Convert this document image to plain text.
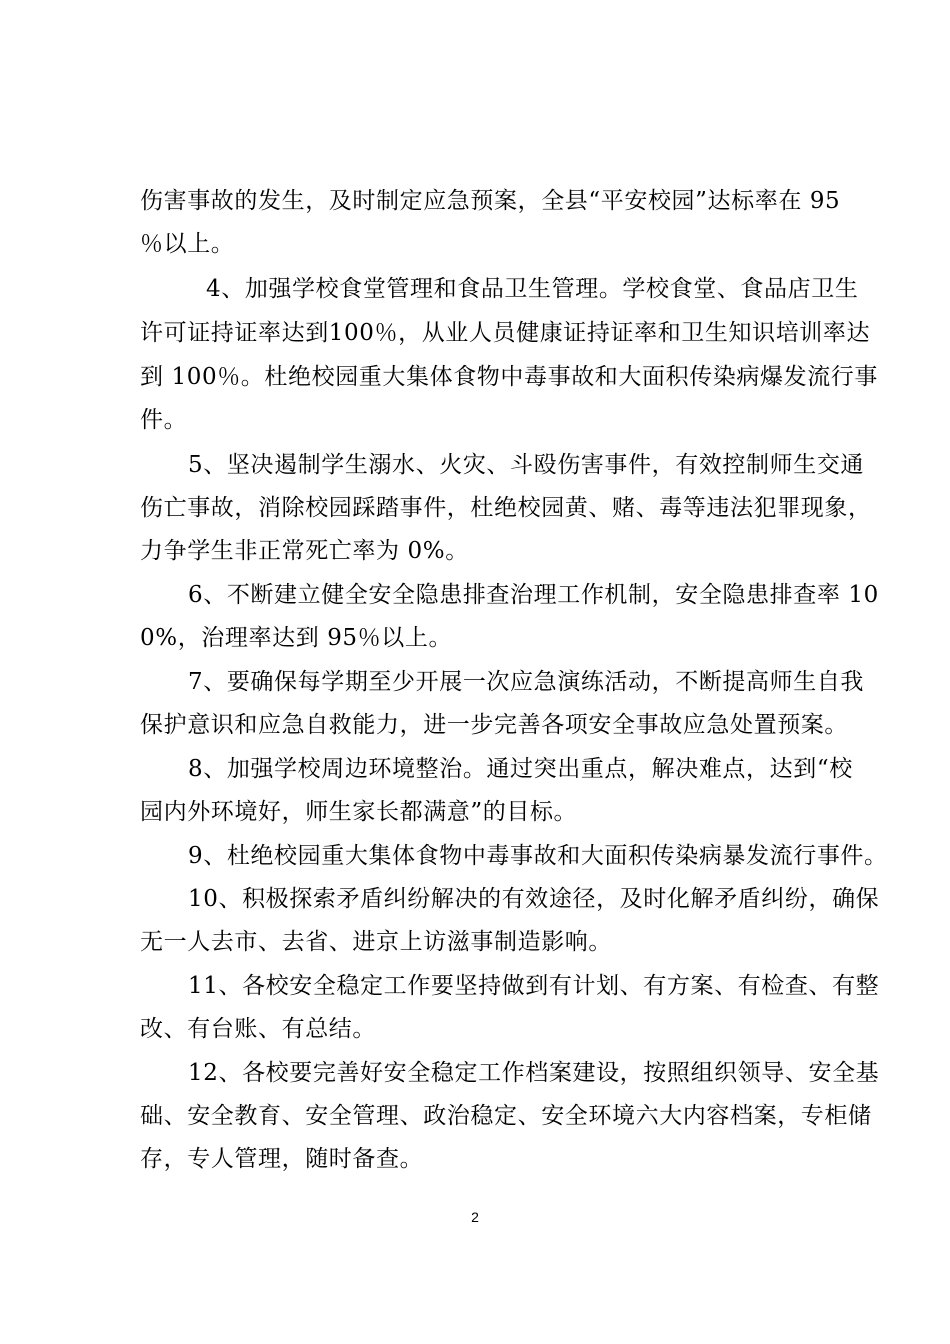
伤害事故的发生，及时制定应急预案，全县“平安校园”达标率在 95
％以上。
4、加强学校食堂管理和食品卫生管理。学校食堂、食品店卫生
许可证持证率达到100％，从业人员健康证持证率和卫生知识培训率达
到 100％。杜绝校园重大集体食物中毒事故和大面积传染病爆发流行事
件。
5、坚决遏制学生溺水、火灾、斗殴伤害事件，有效控制师生交通
伤亡事故，消除校园踩踏事件，杜绝校园黄、赌、毒等违法犯罪现象，
力争学生非正常死亡率为 0%。
6、不断建立健全安全隐患排查治理工作机制，安全隐患排查率 10
0%，治理率达到 95％以上。
7、要确保每学期至少开展一次应急演练活动，不断提高师生自我
保护意识和应急自救能力，进一步完善各项安全事故应急处置预案。
8、加强学校周边环境整治。通过突出重点，解决难点，达到“校
园内外环境好，师生家长都满意”的目标。
9、杜绝校园重大集体食物中毒事故和大面积传染病暴发流行事件。
10、积极探索矛盾纠纷解决的有效途径，及时化解矛盾纠纷，确保
无一人去市、去省、进京上访滋事制造影响。
11、各校安全稳定工作要坚持做到有计划、有方案、有检查、有整
改、有台账、有总结。
12、各校要完善好安全稳定工作档案建设，按照组织领导、安全基
础、安全教育、安全管理、政治稳定、安全环境六大内容档案，专柜储
存，专人管理，随时备查。
2
